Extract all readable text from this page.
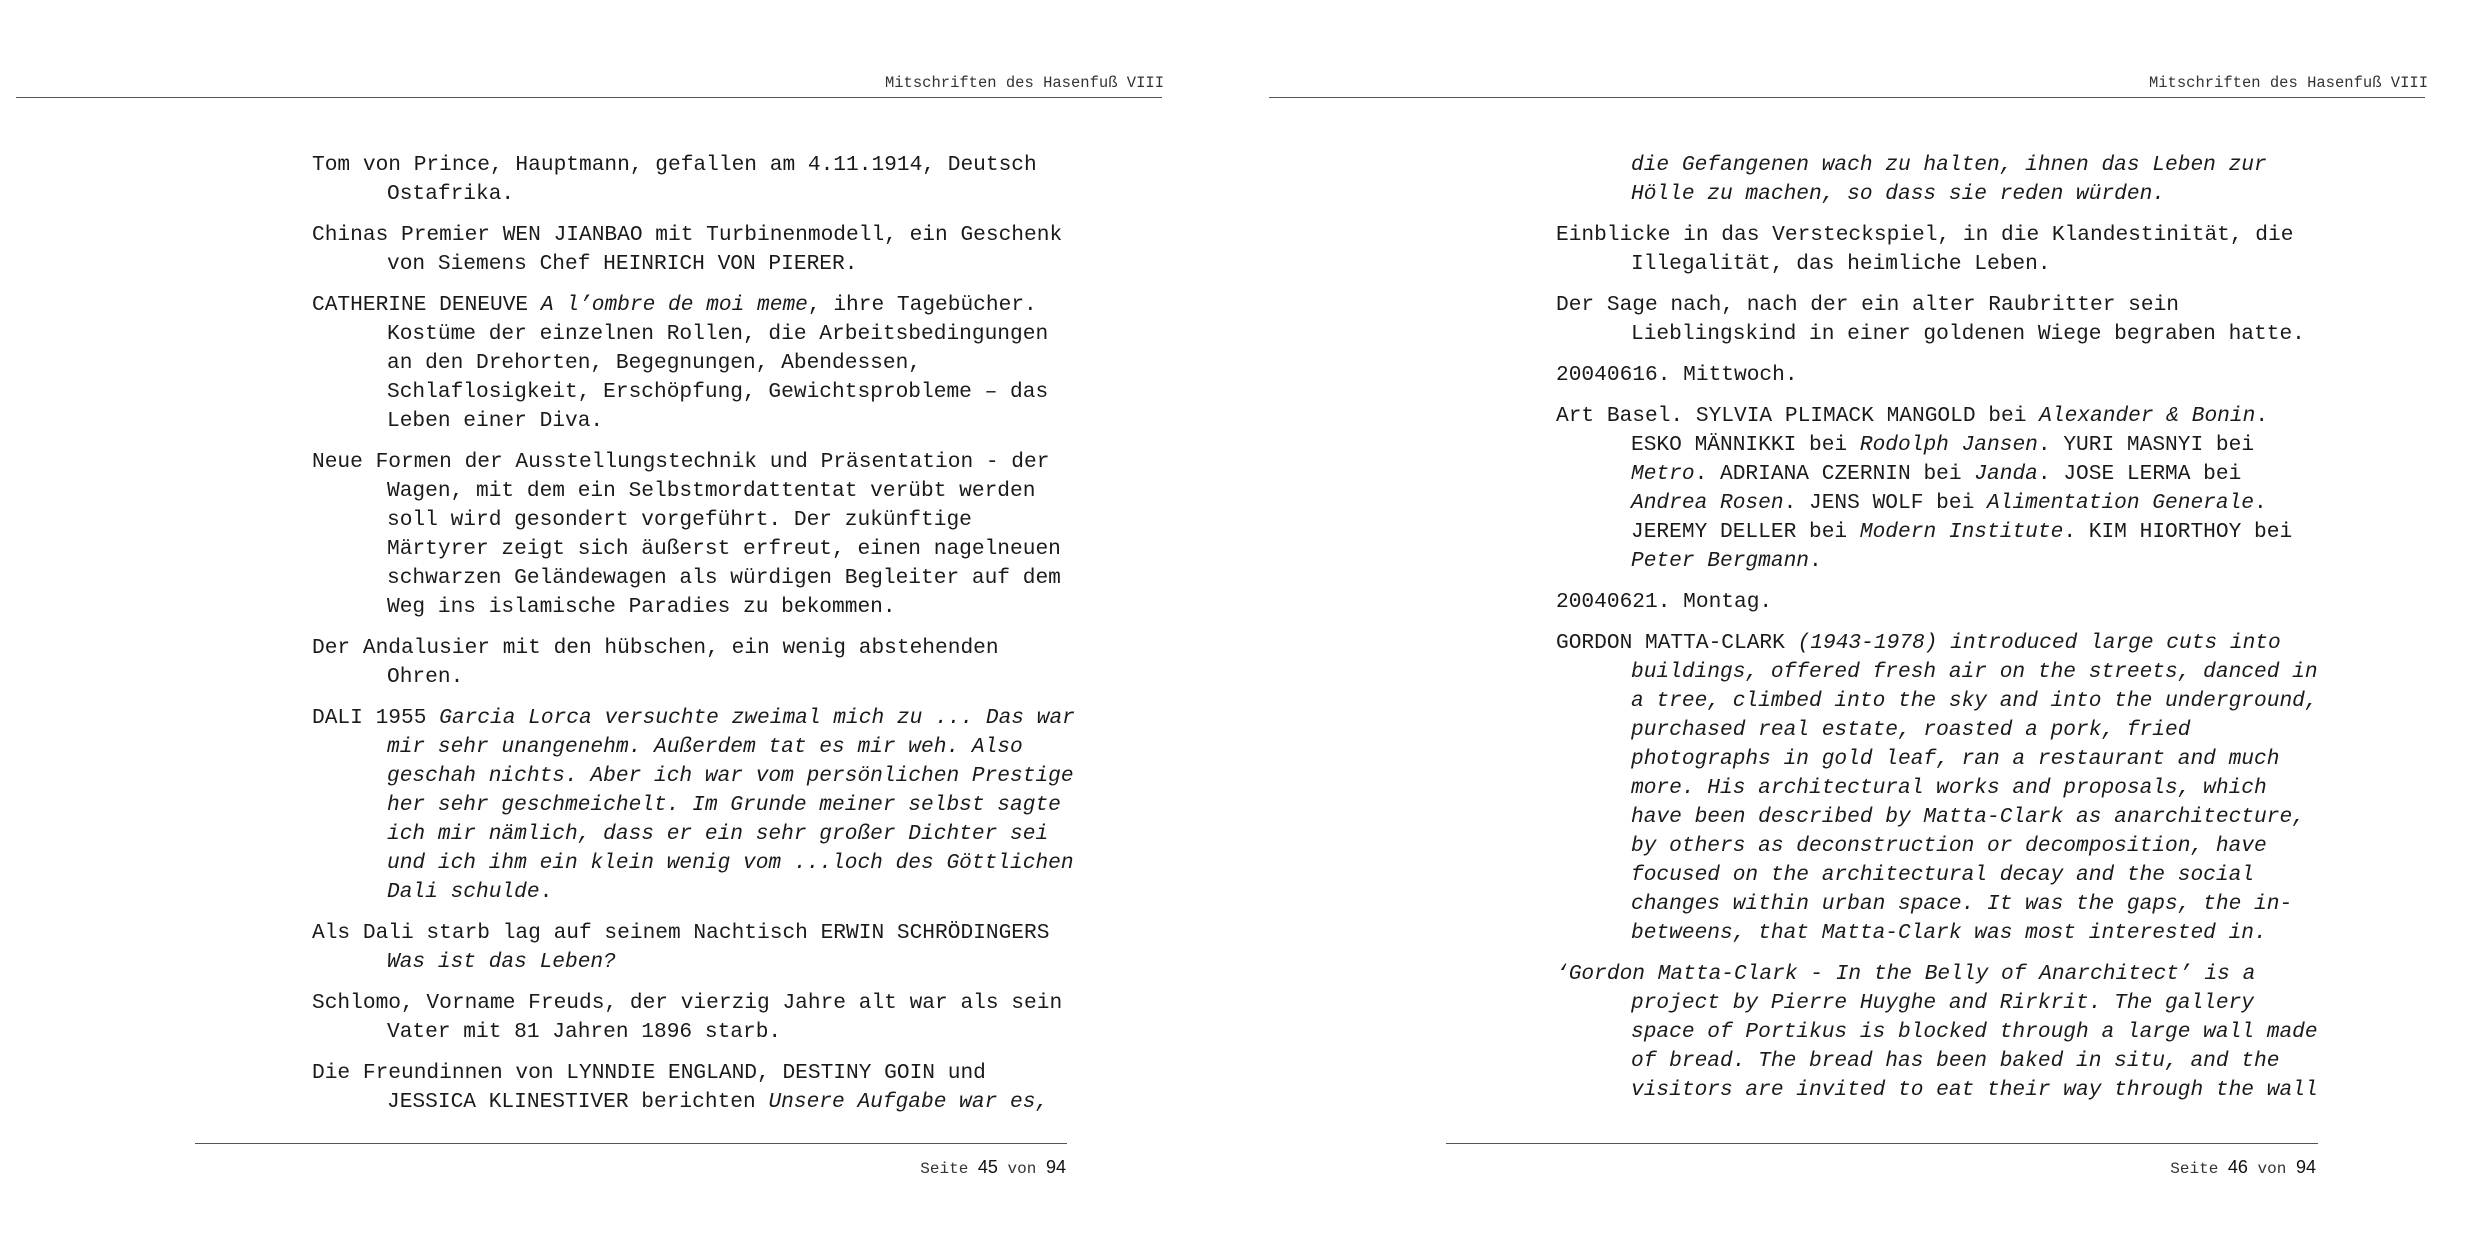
Mitschriften des Hasenfuß VIII

Tom von Prince, Hauptmann, gefallen am 4.11.1914, Deutsch
Ostafrika.

Chinas Premier WEN JIANBAO mit Turbinenmodell, ein Geschenk
von Siemens Chef HEINRICH VON PIERER.

CATHERINE DENEUVE A l’ombre de moi meme, ihre Tagebücher.
Kostüme der einzelnen Rollen, die Arbeitsbedingungen
an den Drehorten, Begegnungen, Abendessen,
Schlaflosigkeit, Erschöpfung, Gewichtsprobleme – das
Leben einer Diva.

Neue Formen der Ausstellungstechnik und Präsentation - der
Wagen, mit dem ein Selbstmordattentat verübt werden
soll wird gesondert vorgeführt. Der zukünftige
Märtyrer zeigt sich äußerst erfreut, einen nagelneuen
schwarzen Geländewagen als würdigen Begleiter auf dem
Weg ins islamische Paradies zu bekommen.

Der Andalusier mit den hübschen, ein wenig abstehenden
Ohren.

DALI 1955 Garcia Lorca versuchte zweimal mich zu ... Das war
mir sehr unangenehm. Außerdem tat es mir weh. Also
geschah nichts. Aber ich war vom persönlichen Prestige
her sehr geschmeichelt. Im Grunde meiner selbst sagte
ich mir nämlich, dass er ein sehr großer Dichter sei
und ich ihm ein klein wenig vom ...loch des Göttlichen
Dali schulde.

Als Dali starb lag auf seinem Nachtisch ERWIN SCHRÖDINGERS
Was ist das Leben?

Schlomo, Vorname Freuds, der vierzig Jahre alt war als sein
Vater mit 81 Jahren 1896 starb.

Die Freundinnen von LYNNDIE ENGLAND, DESTINY GOIN und
JESSICA KLINESTIVER berichten Unsere Aufgabe war es,

Seite 45 von 94
Mitschriften des Hasenfuß VIII

die Gefangenen wach zu halten, ihnen das Leben zur
Hölle zu machen, so dass sie reden würden.

Einblicke in das Versteckspiel, in die Klandestinität, die
Illegalität, das heimliche Leben.

Der Sage nach, nach der ein alter Raubritter sein
Lieblingskind in einer goldenen Wiege begraben hatte.

20040616. Mittwoch.

Art Basel. SYLVIA PLIMACK MANGOLD bei Alexander & Bonin.
ESKO MÄNNIKKI bei Rodolph Jansen. YURI MASNYI bei
Metro. ADRIANA CZERNIN bei Janda. JOSE LERMA bei
Andrea Rosen. JENS WOLF bei Alimentation Generale.
JEREMY DELLER bei Modern Institute. KIM HIORTHOY bei
Peter Bergmann.

20040621. Montag.

GORDON MATTA-CLARK (1943-1978) introduced large cuts into
buildings, offered fresh air on the streets, danced in
a tree, climbed into the sky and into the underground,
purchased real estate, roasted a pork, fried
photographs in gold leaf, ran a restaurant and much
more. His architectural works and proposals, which
have been described by Matta-Clark as anarchitecture,
by others as deconstruction or decomposition, have
focused on the architectural decay and the social
changes within urban space. It was the gaps, the in-
betweens, that Matta-Clark was most interested in.

‘Gordon Matta-Clark - In the Belly of Anarchitect’ is a
project by Pierre Huyghe and Rirkrit. The gallery
space of Portikus is blocked through a large wall made
of bread. The bread has been baked in situ, and the
visitors are invited to eat their way through the wall

Seite 46 von 94
